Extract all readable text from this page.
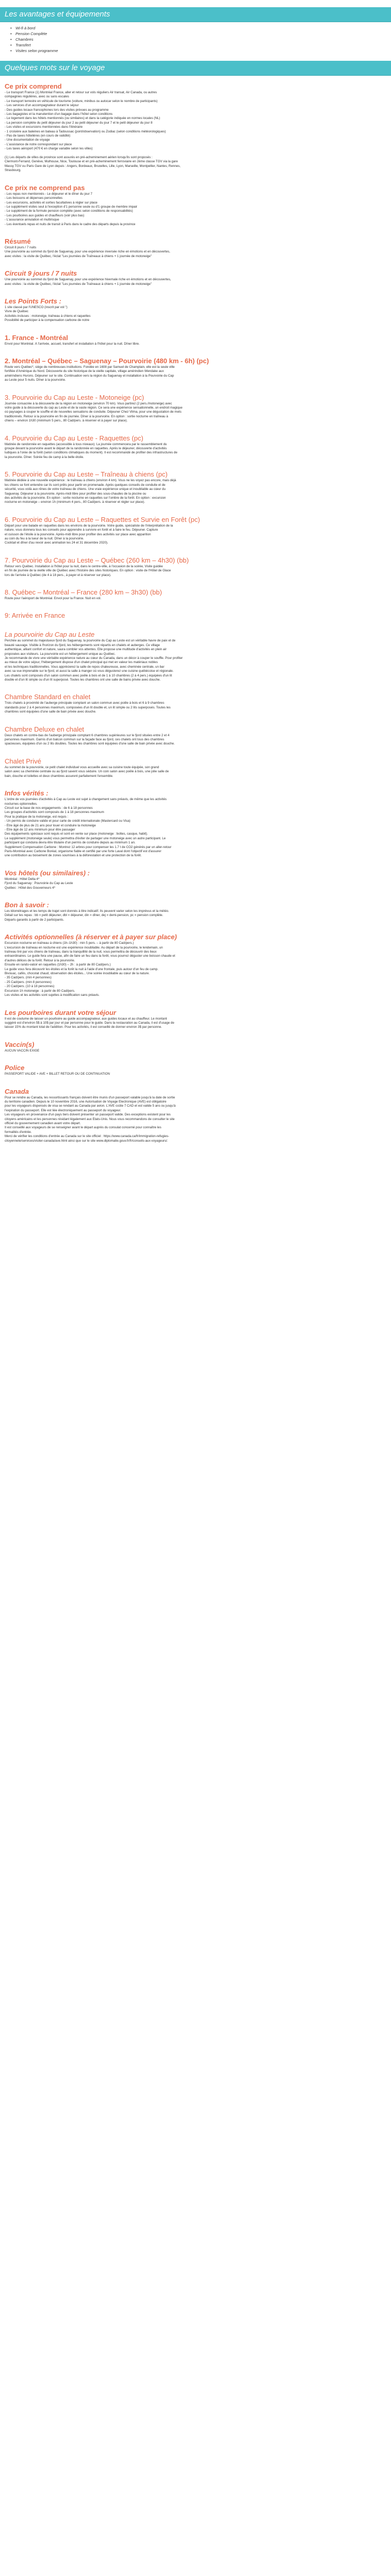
Les avantages et équipements
• Wi-fi à bord
• Pension Complète
• Chambres
• Transfert
• Visites selon programme
Quelques mots sur le voyage
Ce prix comprend
- Le transport France (1) Montréal France, aller et retour sur vols réguliers Air transat, Air Canada, ou autres
compagnies régulières, avec ou sans escales
- Le transport terrestre en véhicule de tourisme (voiture, minibus ou autocar selon le nombre de participants)
- Les services d'un accompagnateur durant le séjour
- Des guides locaux francophones lors des visites prévues au programme
- Les bagagistes et la manutention d'un bagage dans l'hôtel selon conditions
- Le logement dans les hôtels mentionnés (ou similaires) et dans la catégorie indiquée en normes locales (NL)
- La pension complète du petit déjeuner du jour 2 au petit déjeuner du jour 7 et le petit déjeuner du jour 8
- Les visites et excursions mentionnées dans l'itinéraire
- 1 croisière aux baleines en bateau à Tadoussac (pont/observation) ou Zodiac (selon conditions météorologiques)
- Pas de taxes hôtelières (en cours de validité)
- Une documentation de voyage
- L'assistance de notre correspondant sur place
- Les taxes aéroport (470 € en charge variable selon les villes)
(1) Les départs de villes de province sont assurés en pré-acheminement aérien lorsqu'ils sont proposés :
Clermont-Ferrand, Genève, Mulhouse, Nice, Toulouse et en pré-acheminement ferroviaire en 2ème classe TGV via la gare
Massy TGV ou Paris Gare de Lyon depuis : Angers, Bordeaux, Bruxelles, Lille, Lyon, Marseille, Montpellier, Nantes, Rennes,
Strasbourg.
Ce prix ne comprend pas
- Les repas non mentionnés - Le déjeuner et le dîner du jour 7
- Les boissons et dépenses personnelles
- Les excursions, activités et sorties facultatives à régler sur place
- Le supplément visites seul à l'exception d'1 personne seule ou d'1 groupe de membre impair
- Le supplément de la formule pension complète (avec selon conditions de responsabilités)
- Les pourboires aux guides et chauffeurs (voir plus bas)
- L'assurance annulation et multirisque
- Les éventuels repas et nuits de transit à Paris dans le cadre des départs depuis la province
Résumé
Circuit 8 jours / 7 nuits
Une pourvoirie au sommet du fjord de Saguenay, pour une expérience inversée riche en émotions et en découvertes,
avec visites : la visite de Québec, l'éclat "Les journées de Traîneaux à chiens + 1 journée de motoneige"
Circuit 9 jours / 7 nuits
Une pourvoirie au sommet du fjord de Saguenay, pour une expérience hivernale riche en émotions et en découvertes,
avec visites : la visite de Québec, l'éclat "Les journées de Traîneaux à chiens + 1 journée de motoneige"
Les Points Forts :
1 site classé par l'UNESCO (inscrit par vol ")
Vivre de Québec
Activités incluses : motoneige, traîneau à chiens et raquettes
Possibilité de participer à la compensation carbone de notre
1. France - Montréal
Envol pour Montréal. À l'arrivée, accueil, transfert et installation à l'hôtel pour la nuit. Dîner libre.
2. Montréal – Québec – Saguenay – Pourvoirie (480 km - 6h) (pc)
Route vers Québec*, siège de nombreuses institutions. Fondée en 1608 par Samuel de Champlain, elle est la seule ville
fortifiée d'Amérique du Nord. Découverte du site historique de la vieille capitale, village amérindien Wendake aux
amérindiens Hurons. Déjeuner sur le site. Continuation vers la région du Saguenay et installation à la Pourvoirie du Cap
au Leste pour 5 nuits. Dîner à la pourvoirie.
3. Pourvoirie du Cap au Leste - Motoneige (pc)
Journée consacrée à la découverte de la région en motoneige (environ 70 km). Vous partirez (2 pers./motoneige) avec
votre guide à la découverte du cap au Leste et de la vaste région. Ce sera une expérience sensationnelle, un endroit magique
où paysages à couper le souffle et de nouvelles sensations de conduite. Déjeuner Chez Vilma, pour une dégustation de mets
traditionnels. Retour à la pourvoirie en fin de journée. Dîner à la pourvoirie. En option : sortie nocturne en traîneau à
chiens – environ 1h30 (minimum 5 pers., 80 Cad/pers. à réserver et à payer sur place).
4. Pourvoirie du Cap au Leste - Raquettes (pc)
Matinée de randonnée en raquettes (accessible à tous niveaux). La journée commencera par le rassemblement du
groupe devant la pourvoirie avant le départ de la randonnée en raquettes. Après le déjeuner, découverte d'activités
ludiques à l'orée de la forêt (selon conditions climatiques du moment). Il est recommandé de profiter des infrastructures de
la pourvoirie. Dîner. Soirée feu de camp à la belle étoile.
5. Pourvoirie du Cap au Leste – Traîneau à chiens (pc)
Matinée dédiée à une nouvelle expérience : le traîneau à chiens (environ 4 km). Vous ne les voyez pas encore, mais déjà
les chiens se font entendre car ils sont prêts pour partir en promenade. Après quelques conseils de conduite et de
sécurité, vous voilà aux rênes de votre traîneau de chiens. Une vraie expérience unique et inoubliable au cœur du
Saguenay. Déjeuner à la pourvoirie. Après-midi libre pour profiter des sous-chaudes de la piscine ou
des activités de la pourvoirie. En option : sortie nocturne en raquettes sur l'ombre de la forêt. En option : excursion
nocturne en motoneige – environ 1h (minimum 4 pers., 80 Cad/pers. à réserver et régler sur place).
6. Pourvoirie du Cap au Leste – Raquettes et Survie en Forêt (pc)
Départ pour une balade en raquettes dans les environs de la pourvoirie. Votre guide, spécialiste de l'interprétation de la
nature, vous donnera tous les conseils pour apprendre à survivre en forêt et à faire le feu. Déjeuner. Capture
et cuisson de l'étoile à la pourvoirie. Après-midi libre pour profiter des activités sur place avec apparition
au coin du feu à la lueur de la nuit. Dîner à la pourvoirie.
Cocktail et dîner d'au revoir avec animation les 24 et 31 décembre 2020).
7. Pourvoirie du Cap au Leste – Québec (260 km – 4h30) (bb)
Retour vers Québec. Installation à l'hôtel pour la nuit, dans le centre-ville, à l'occasion de la soirée, Visite guidée
en fin de journée de la vieille ville de Québec avec l'histoire des sites historiques. En option : visite de l'Hôtel de Glace
lors de l'arrivée à Québec (de 4 à 18 pers., à payer et à réserver sur place).
8. Québec – Montréal – France (280 km – 3h30) (bb)
Route pour l'aéroport de Montréal. Envol pour la France. Nuit en vol.
9: Arrivée en France
La pourvoirie du Cap au Leste
Perchée au sommet du majestueux fjord du Saguenay, la pourvoirie du Cap au Leste est un véritable havre de paix et de
beauté sauvage. Visible à l'horizon du fjord, les hébergements sont répartis en chalets et auberges. Ce village
authentique, alliant confort et nature, saura combler vos attentes. Elle propose une multitude d'activités en plein air
proposées aux visiteurs. La pourvoirie est un hébergement unique au Québec.
Je recommande de vivre une véritable expérience nature au cœur du Canada, dans un décor à couper le souffle. Pour profiter
au mieux de votre séjour, l'hébergement dispose d'un chalet principal qui met en valeur les matériaux nobles
et les techniques traditionnelles. Vous apprécierez la salle de repos chaleureuse, avec cheminée centrale, un bar
avec sa vue imprenable sur le fjord, et aussi la salle à manger où vous dégusterez une cuisine québécoise et régionale.
Les chalets sont composés d'un salon commun avec poêle à bois et de 1 à 10 chambres (2 à 4 pers.) équipées d'un lit
double et d'un lit simple ou d'un lit superposé. Toutes les chambres ont une salle de bains privée avec douche.
Chambre Standard en chalet
Trois chalets à proximité de l'auberge principale comptant un salon commun avec poêle à bois et 6 à 9 chambres
standards pour 2 à 4 personnes maximum, composées d'un lit double et, un lit simple ou 2 lits superposés. Toutes les
chambres sont équipées d'une salle de bain privée avec douche.
Chambre Deluxe en chalet
Deux chalets en contre-bas de l'auberge principale comptant 6 chambres supérieures sur le fjord situées entre 2 et 4
personnes maximum. Garnis d'un balcon commun sur la façade face au fjord, ces chalets ont tous des chambres
spacieuses, équipées d'un ou 2 lits doubles. Toutes les chambres sont équipées d'une salle de bain privée avec douche.
Chalet Privé
Au sommet de la pourvoirie, ce petit chalet individuel vous accueille avec sa cuisine toute équipée, son grand
salon avec sa cheminée centrale ou au fjord savent vous séduire. Un coin salon avec poêle à bois, une jolie salle de
bain, douche et toilettes et deux chambres assurent parfaitement l'ensemble.
Infos vérités :
L'ordre de vos journées d'activités à Cap au Leste est sujet à changement sans préavis, de même que les activités
nocturnes optionnelles.
Circuit sur la base de nos engagements : de 6 à 18 personnes
Les groupes d'activités sont composés de 1 à 18 personnes maximum
Pour la pratique de la motoneige, est requis :
- Un permis de conduire valide et pour carte de crédit internationale (Mastercard ou Visa)
- Être âgé de plus de 21 ans pour louer et conduire la motoneige
- Être âgé de 12 ans minimum pour être passager
Des équipements spéciaux sont requis et sont en vente sur place (motoneige : bottes, casque, habit).
Le supplément (motoneige seule) vous permettra d'éviter de partager une motoneige avec un autre participant. Le
participant qui conduira devra être titulaire d'un permis de conduire depuis au minimum 1 an.
Supplément Compensation Carbone : Montrez 12 arbres pour compenser les 1.7 t de CO2 générés par un aller-retour
Paris-Montréal avec Carbone Boréal, organisme fiable et certifié par une forte Laval dont l'objectif est d'assurer
une contribution au boisement de zones soumises à la déforestation et une protection de la forêt.
Vos hôtels (ou similaires) :
Montréal : Hôtel Delta 4*
Fjord du Saguenay : Pourvoirie du Cap au Leste
Québec : Hôtel des Gouverneurs 4*
Bon à savoir :
Les kilométrages et les temps de trajet sont donnés à titre indicatif. Ils peuvent varier selon les imprévus et la météo.
Détail sur les repas : bb = petit déjeuner, dbl = déjeuner, din = dîner, dej = demi-pension, pc = pension complète.
Départs garantis à partir de 2 participants.
Activités optionnelles (à réserver et à payer sur place)
Excursion nocturne en traîneau à chiens (1h–1h30) : min 5 pers. – à partir de 80 Cad/pers.)
L'excursion de traîneau en nocturne est une expérience inoubliable. Au départ de la pourvoirie, le lendemain, un
traîneau tiré par vos chiens de traîneau, dans la tranquillité de la nuit, vous permettra de découvrir des lieux
extraordinaires. Le guide fera une pause, afin de faire un feu dans la forêt, vous pourrez déguster une boisson chaude et
d'autres délices de la forêt. Retour à la pourvoirie.
Ensuite en rando-vatoir en raquettes (1h30) – 2h : à partir de 80 Cad/pers.)
Le guide vous fera découvrir les étoiles et la forêt la nuit à l'aide d'une frontale, puis autour d'un feu de camp.
Bivouac, cafés, chocolat chaud, observation des étoiles... Une soirée inoubliable au cœur de la nature.
- 35 Cad/pers. (min 4 personnes)
- 25 Cad/pers. (min 8 personnes)
- 20 Cad/pers. (10 à 18 personnes)
Excursion 1h motoneige : à partir de 80 Cad/pers.
Les visites et les activités sont sujettes à modification sans préavis.
Les pourboires durant votre séjour
Il est de coutume de laisser un pourboire au guide accompagnateur, aux guides locaux et au chauffeur. Le montant
suggéré est d'environ 5$ à 10$ par jour et par personne pour le guide. Dans la restauration au Canada, il est d'usage de
laisser 15% du montant total de l'addition. Pour les activités, il est conseillé de donner environ 3$ par personne.
Vaccin(s)
AUCUN VACCIN EXIGÉ
Police
PASSEPORT VALIDE + AVE + BILLET RETOUR OU DE CONTINUATION
Canada
Pour se rendre au Canada, les ressortissants français doivent être munis d'un passeport valable jusqu'à la date de sortie
du territoire canadien. Depuis le 10 novembre 2016, une Autorisation de Voyage Électronique (AVE) est obligatoire
pour les voyageurs dispensés de visa se rendant au Canada par avion. L'AVE coûte 7 CAD et est valide 5 ans ou jusqu'à
l'expiration du passeport. Elle est liée électroniquement au passeport du voyageur.
Les voyageurs en provenance d'un pays tiers doivent présenter un passeport valide. Des exceptions existent pour les
citoyens américains et les personnes résidant légalement aux États-Unis. Nous vous recommandons de consulter le site
officiel du gouvernement canadien avant votre départ.
Il est conseillé aux voyageurs de se renseigner avant le départ auprès du consulat concerné pour connaître les
formalités d'entrée.
Merci de vérifier les conditions d'entrée au Canada sur le site officiel : https://www.canada.ca/fr/immigration-refugies-
citoyennete/services/visiter-canada/ave.html ainsi que sur le site www.diplomatie.gouv.fr/fr/conseils-aux-voyageurs/.
